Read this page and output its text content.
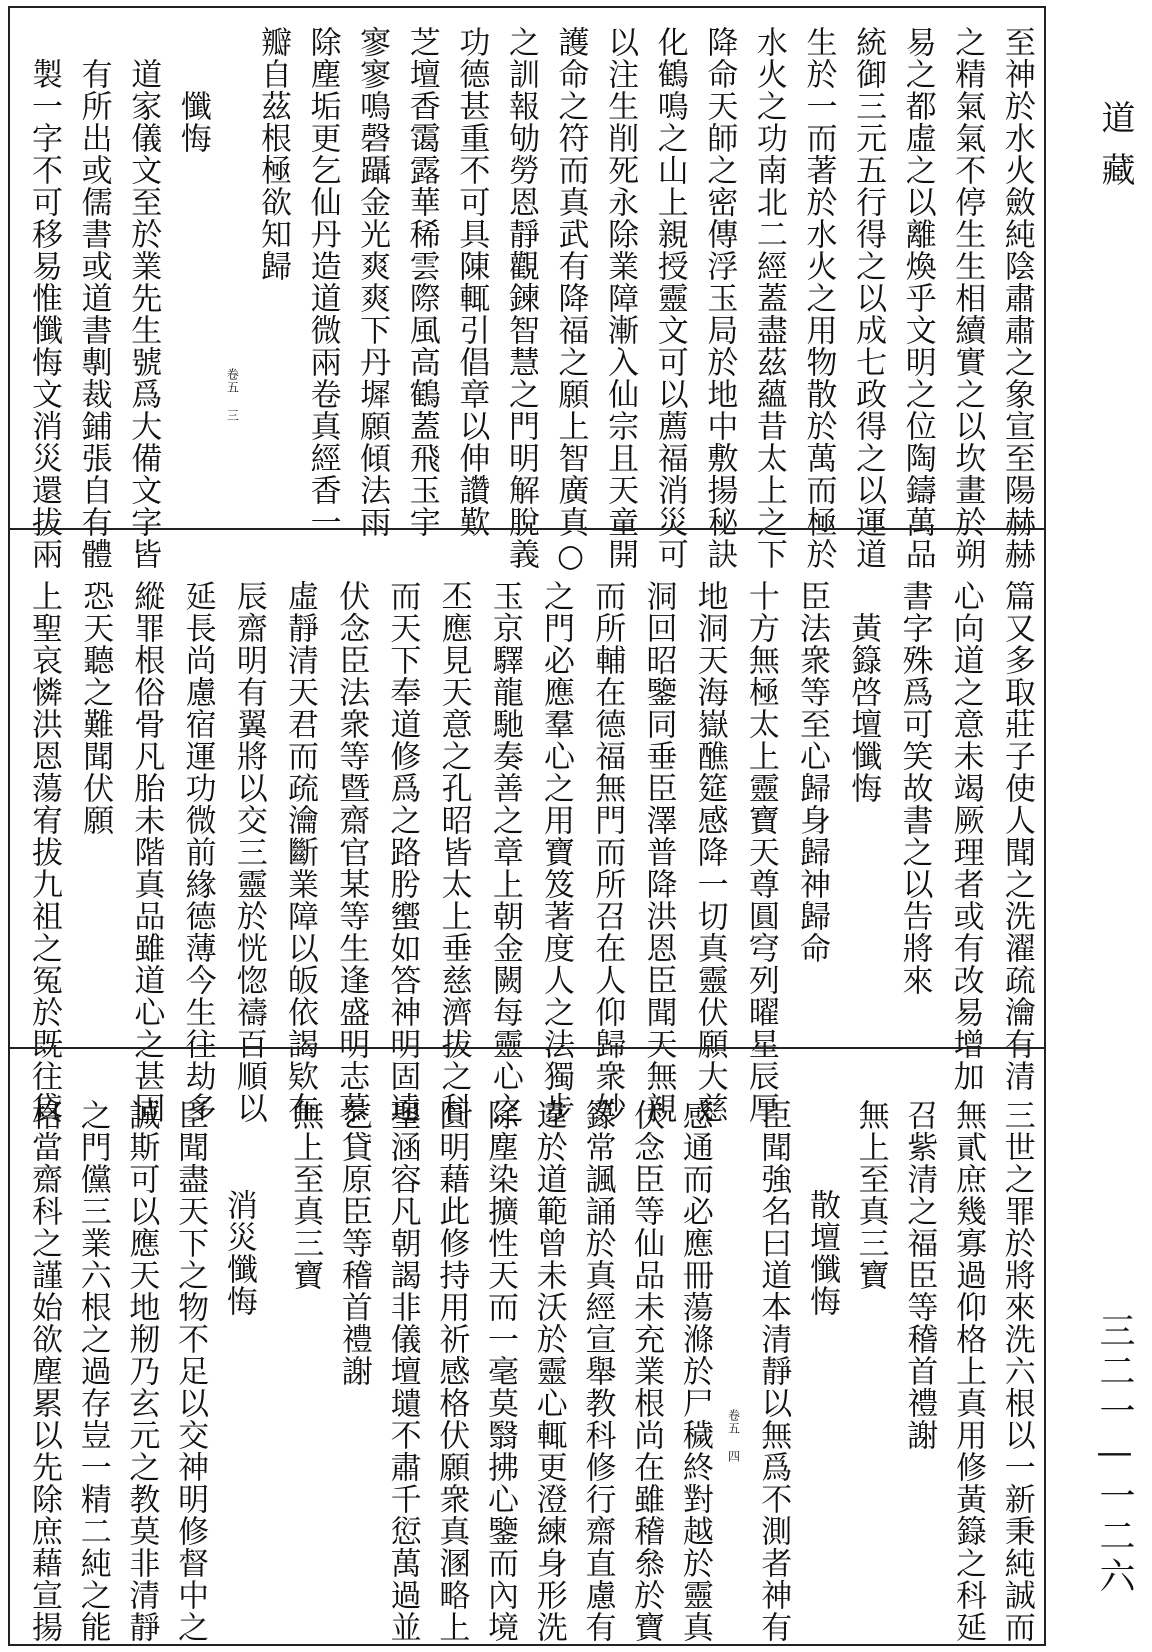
至神於水火斂純陰肅肅之象宣至陽赫赫
之精氣氣不停生生相續實之以坎畫於朔
易之都虛之以離煥乎文明之位陶鑄萬品
統御三元五行得之以成七政得之以運道
生於一而著於水火之用物散於萬而極於
水火之功南北二經蓋盡茲蘊昔太上之下
降命天師之密傳浮玉局於地中敷揚秘訣
化鶴鳴之山上親授靈文可以薦福消災可
以注生削死永除業障漸入仙宗且天童開
護命之符而真武有降福之願上智廣真○
之訓報劬勞恩靜觀鍊智慧之門明解脫義
功德甚重不可具陳輒引倡章以伸讚歎
芝壇香霭露華稀雲際風高鶴蓋飛玉宇
寥寥鳴磬躡金光爽爽下丹墀願傾法雨
除塵垢更乞仙丹造道微兩卷真經香一
瓣自茲根極欲知歸
卷五 三
懺悔
道家儀文至於業先生號爲大備文字皆
有所出或儒書或道書剸裁鋪張自有體
製一字不可移易惟懺悔文消災還拔兩
篇又多取莊子使人聞之洗濯疏瀹有清
心向道之意未竭厥理者或有改易增加
書字殊爲可笑故書之以告將來
黃籙啓壇懺悔
臣法衆等至心歸身歸神歸命
十方無極太上靈寶天尊圓穹列曜星辰厚
地洞天海嶽醮筵感降一切真靈伏願大慈
洞回昭鑒同垂臣澤普降洪恩臣聞天無親
而所輔在德福無門而所召在人仰歸衆妙
之門必應羣心之用寶笈著度人之法獨步
玉京驛龍馳奏善之章上朝金闕每靈心之
丕應見天意之孔昭皆太上垂慈濟拔之科
而天下奉道修爲之路肹蠁如答神明固遠
伏念臣法衆等暨齋官某等生逢盛明志慕
虛靜清天君而疏瀹斷業障以皈依謁欵在
辰齋明有翼將以交三靈於恍惚禱百順以
延長尚慮宿運功微前緣德薄今生往劫多
縱罪根俗骨凡胎未階真品雖道心之甚固
恐天聽之難聞伏願
上聖哀憐洪恩蕩宥拔九祖之冤於既往貸
三世之罪於將來洗六根以一新秉純誠而
無貳庶幾寡過仰格上真用修黃籙之科延
召紫清之福臣等稽首禮謝
無上至真三寶
散壇懺悔
臣聞強名曰道本清靜以無爲不測者神有
卷五 四
感通而必應冊蕩滌於尸穢終對越於靈真
伏念臣等仙品未充業根尚在雖稽叅於寶
籙常諷誦於真經宣舉教科修行齋直慮有
違於道範曾未沃於靈心輒更澄練身形洗
除塵染擴性天而一毫莫翳拂心鑒而內境
圓明藉此修持用祈感格伏願衆真溷略上
聖涵容凡朝謁非儀壇壝不肅千愆萬過並
乞貸原臣等稽首禮謝
無上至真三寶
消災懺悔
臣聞盡天下之物不足以交神明修督中之
誠斯可以應天地剏乃玄元之教莫非清靜
之門儻三業六根之過存豈一精二純之能
格當齋科之謹始欲塵累以先除庶藉宣揚
道藏
三二一—一二六
